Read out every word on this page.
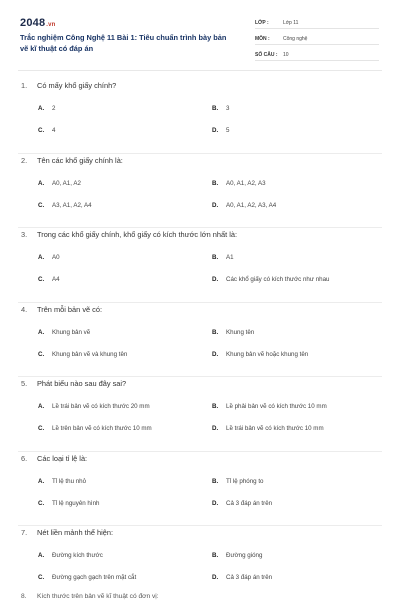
2048.vn
Trắc nghiệm Công Nghệ 11 Bài 1: Tiêu chuẩn trình bày bản vẽ kĩ thuật có đáp án
LỚP :	Lớp 11
MÔN :	Công nghệ
SỐ CÂU :	10
1. Có mấy khổ giấy chính?
A. 2	B. 3
C. 4	D. 5
2. Tên các khổ giấy chính là:
A. A0, A1, A2	B. A0, A1, A2, A3
C. A3, A1, A2, A4	D. A0, A1, A2, A3, A4
3. Trong các khổ giấy chính, khổ giấy có kích thước lớn nhất là:
A. A0	B. A1
C. A4	D. Các khổ giấy có kích thước như nhau
4. Trên mỗi bản vẽ có:
A. Khung bản vẽ	B. Khung tên
C. Khung bản vẽ và khung tên	D. Khung bản vẽ hoặc khung tên
5. Phát biểu nào sau đây sai?
A. Lề trái bản vẽ có kích thước 20 mm	B. Lề phải bản vẽ có kích thước 10 mm
C. Lề trên bản vẽ có kích thước 10 mm	D. Lề trái bản vẽ có kích thước 10 mm
6. Các loại tỉ lệ là:
A. Tỉ lệ thu nhỏ	B. Tỉ lệ phóng to
C. Tỉ lệ nguyên hình	D. Cả 3 đáp án trên
7. Nét liền mảnh thể hiện:
A. Đường kích thước	B. Đường gióng
C. Đường gạch gạch trên mặt cắt	D. Cả 3 đáp án trên
8. Kích thước trên bản vẽ kĩ thuật có đơn vị:
